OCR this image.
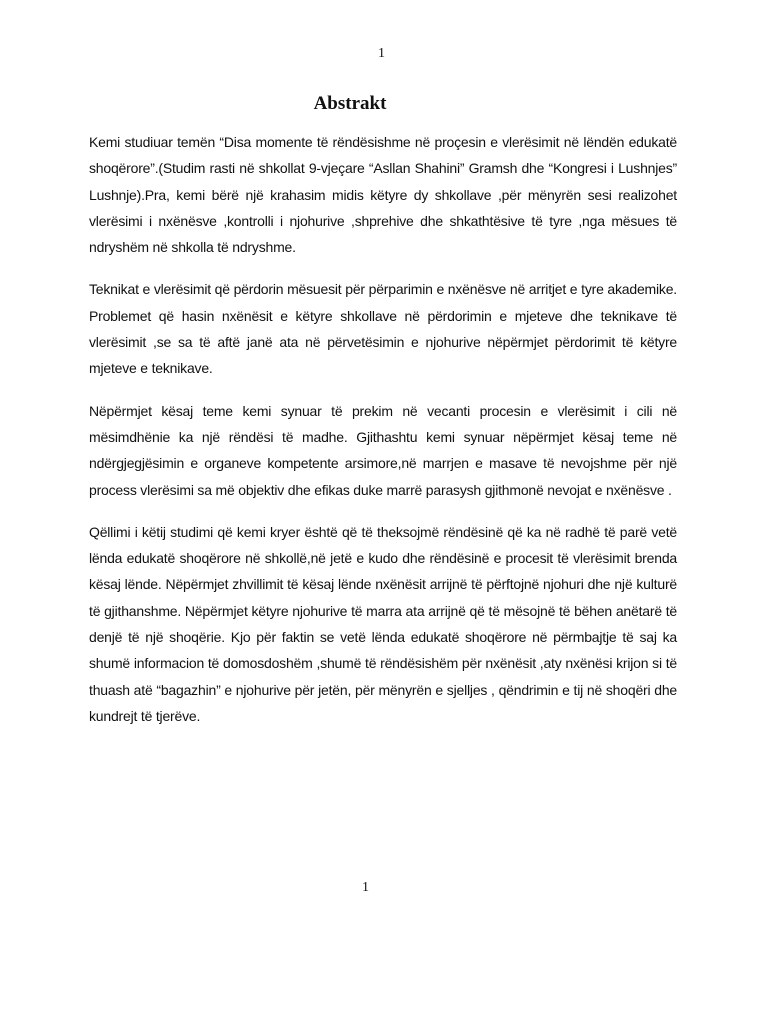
1
Abstrakt

Kemi studiuar temën “Disa momente të rëndësishme në proçesin e vlerësimit në lëndën edukatë shoqërore”.(Studim rasti në shkollat 9-vjeçare “Asllan Shahini” Gramsh dhe “Kongresi i Lushnjes” Lushnje).Pra, kemi bërë një krahasim midis këtyre dy shkollave ,për mënyrën sesi realizohet vlerësimi i nxënësve ,kontrolli i njohurive ,shprehive dhe shkathtësive të tyre ,nga mësues të ndryshëm në shkolla të ndryshme.

Teknikat e vlerësimit që përdorin mësuesit për përparimin e nxënësve në arritjet e tyre akademike. Problemet që hasin nxënësit e këtyre shkollave në përdorimin e mjeteve dhe teknikave të vlerësimit ,se sa të aftë janë ata në përvetësimin e njohurive nëpërmjet përdorimit të këtyre mjeteve e teknikave.

Nëpërmjet kësaj teme kemi synuar të prekim në vecanti procesin e vlerësimit i cili në mësimdhënie ka një rëndësi të madhe. Gjithashtu kemi synuar nëpërmjet kësaj teme në ndërgjegjësimin e organeve kompetente arsimore,në marrjen e masave të nevojshme për një process vlerësimi sa më objektiv dhe efikas duke marrë parasysh gjithmonë nevojat e nxënësve .

Qëllimi i këtij studimi që kemi kryer është që të theksojmë rëndësinë që ka në radhë të parë vetë lënda edukatë shoqërore në shkollë,në jetë e kudo dhe rëndësinë e procesit të vlerësimit brenda kësaj lënde. Nëpërmjet zhvillimit të kësaj lënde nxënësit arrijnë të përftojnë njohuri dhe një kulturë të gjithanshme. Nëpërmjet këtyre njohurive të marra ata arrijnë që të mësojnë të bëhen anëtarë të denjë të një shoqërie. Kjo për faktin se vetë lënda edukatë shoqërore në përmbajtje të saj ka shumë informacion të domosdoshëm ,shumë të rëndësishëm për nxënësit ,aty nxënësi krijon si të thuash atë “bagazhin” e njohurive për jetën, për mënyrën e sjelljes , qëndrimin e tij në shoqëri dhe kundrejt të tjerëve.

1
